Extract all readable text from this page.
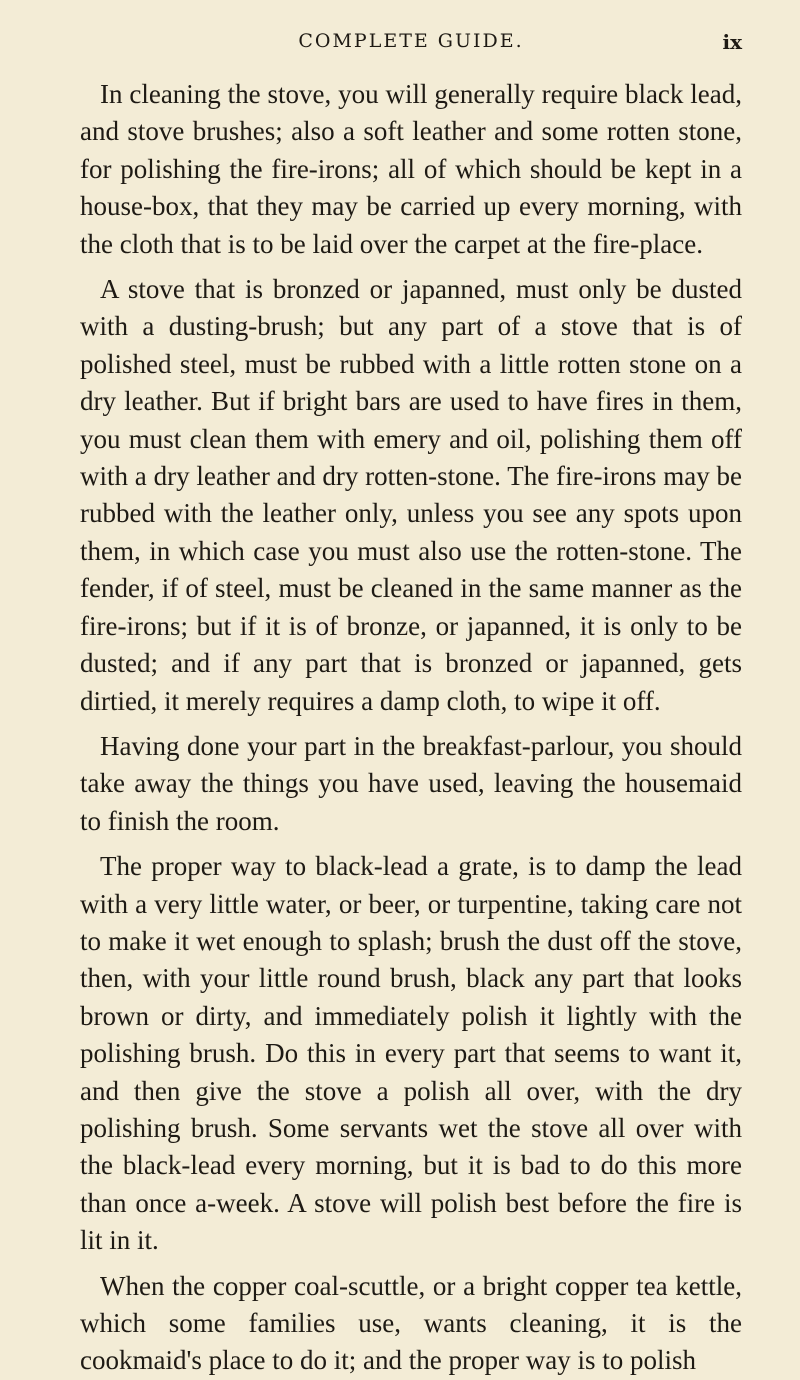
COMPLETE GUIDE.	ix

In cleaning the stove, you will generally require black lead, and stove brushes; also a soft leather and some rotten stone, for polishing the fire-irons; all of which should be kept in a house-box, that they may be carried up every morning, with the cloth that is to be laid over the carpet at the fire-place.

A stove that is bronzed or japanned, must only be dusted with a dusting-brush; but any part of a stove that is of polished steel, must be rubbed with a little rotten stone on a dry leather. But if bright bars are used to have fires in them, you must clean them with emery and oil, polishing them off with a dry leather and dry rotten-stone. The fire-irons may be rubbed with the leather only, unless you see any spots upon them, in which case you must also use the rotten-stone. The fender, if of steel, must be cleaned in the same manner as the fire-irons; but if it is of bronze, or japanned, it is only to be dusted; and if any part that is bronzed or japanned, gets dirtied, it merely requires a damp cloth, to wipe it off.

Having done your part in the breakfast-parlour, you should take away the things you have used, leaving the housemaid to finish the room.

The proper way to black-lead a grate, is to damp the lead with a very little water, or beer, or turpentine, taking care not to make it wet enough to splash; brush the dust off the stove, then, with your little round brush, black any part that looks brown or dirty, and immediately polish it lightly with the polishing brush. Do this in every part that seems to want it, and then give the stove a polish all over, with the dry polishing brush. Some servants wet the stove all over with the black-lead every morning, but it is bad to do this more than once a-week. A stove will polish best before the fire is lit in it.

When the copper coal-scuttle, or a bright copper tea kettle, which some families use, wants cleaning, it is the cookmaid's place to do it; and the proper way is to polish
